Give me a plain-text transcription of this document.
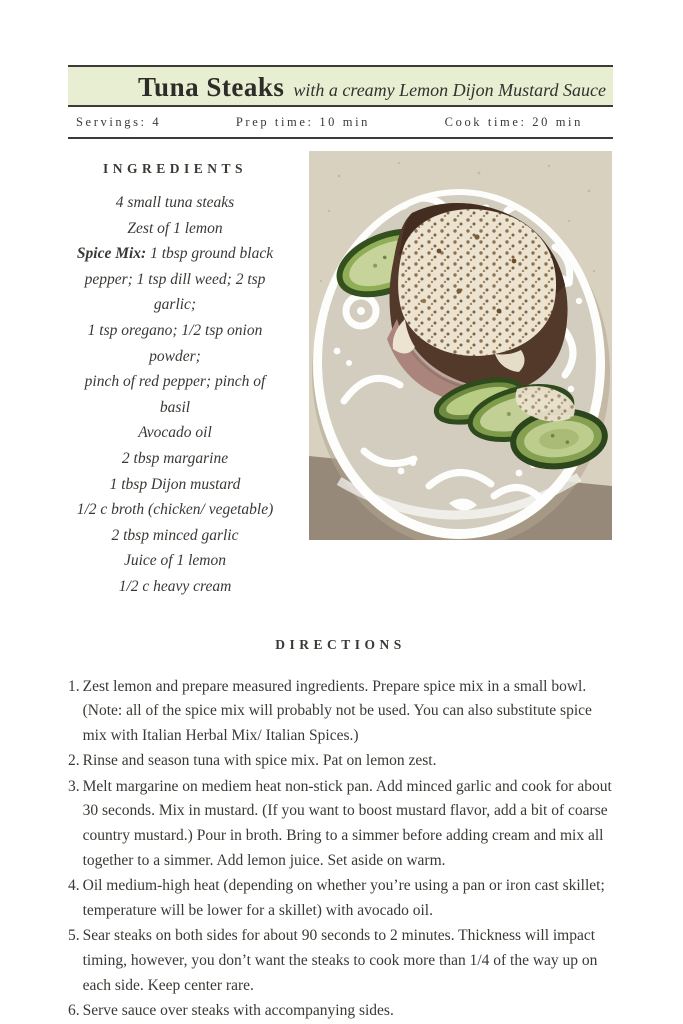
Tuna Steaks with a creamy Lemon Dijon Mustard Sauce
Servings: 4	Prep time: 10 min	Cook time: 20 min
INGREDIENTS
4 small tuna steaks
Zest of 1 lemon
Spice Mix: 1 tbsp ground black
pepper; 1 tsp dill weed; 2 tsp garlic;
1 tsp oregano; 1/2 tsp onion powder;
pinch of red pepper; pinch of basil
Avocado oil
2 tbsp margarine
1 tbsp Dijon mustard
1/2 c broth (chicken/ vegetable)
2 tbsp minced garlic
Juice of 1 lemon
1/2 c heavy cream
DIRECTIONS
1. Zest lemon and prepare measured ingredients. Prepare spice mix in a small bowl. (Note: all of the spice mix will probably not be used. You can also substitute spice mix with Italian Herbal Mix/ Italian Spices.)
2. Rinse and season tuna with spice mix. Pat on lemon zest.
3. Melt margarine on mediem heat non-stick pan. Add minced garlic and cook for about 30 seconds. Mix in mustard. (If you want to boost mustard flavor, add a bit of coarse country mustard.) Pour in broth. Bring to a simmer before adding cream and mix all together to a simmer. Add lemon juice. Set aside on warm.
4. Oil medium-high heat (depending on whether you’re using a pan or iron cast skillet; temperature will be lower for a skillet) with avocado oil.
5. Sear steaks on both sides for about 90 seconds to 2 minutes. Thickness will impact timing, however, you don’t want the steaks to cook more than 1/4 of the way up on each side. Keep center rare.
6. Serve sauce over steaks with accompanying sides.
